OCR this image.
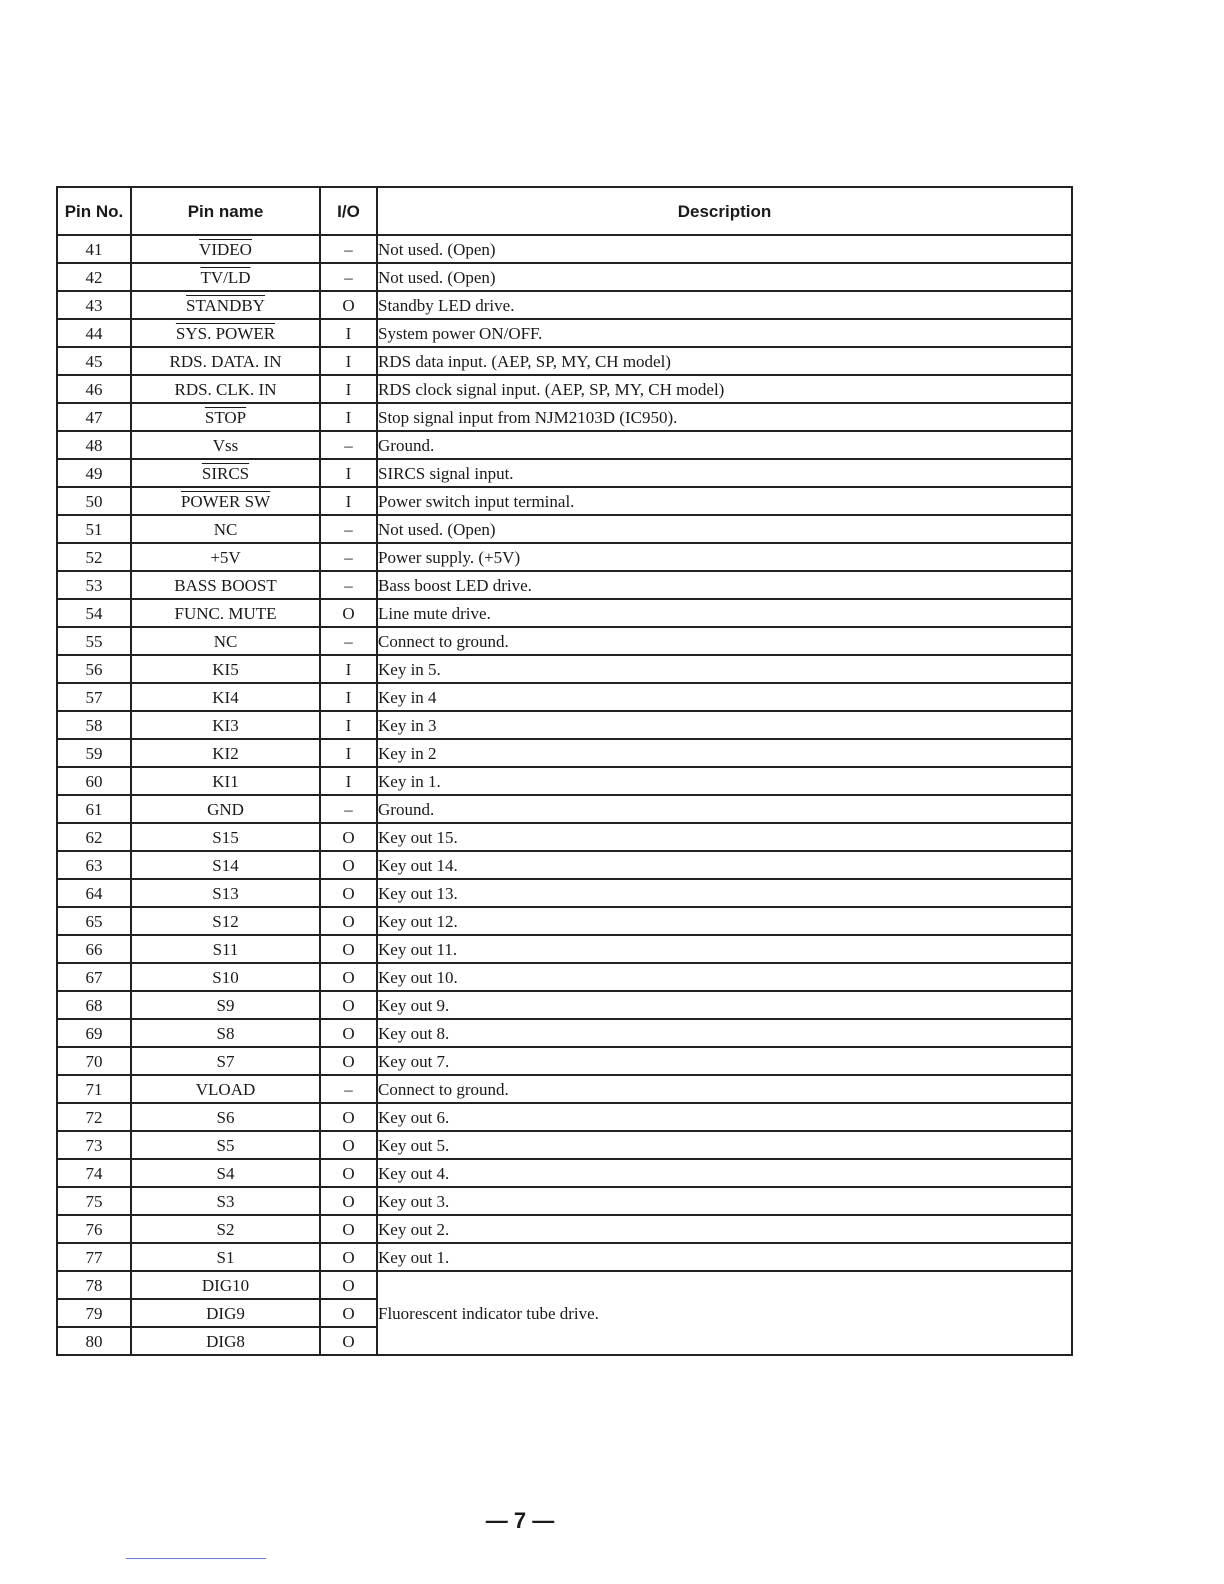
Pin No.	Pin name	I/O	Description
41	VIDEO	–	Not used. (Open)
42	TV/LD	–	Not used. (Open)
43	STANDBY	O	Standby LED drive.
44	SYS. POWER	I	System power ON/OFF.
45	RDS. DATA. IN	I	RDS data input. (AEP, SP, MY, CH model)
46	RDS. CLK. IN	I	RDS clock signal input. (AEP, SP, MY, CH model)
47	STOP	I	Stop signal input from NJM2103D (IC950).
48	Vss	–	Ground.
49	SIRCS	I	SIRCS signal input.
50	POWER SW	I	Power switch input terminal.
51	NC	–	Not used. (Open)
52	+5V	–	Power supply. (+5V)
53	BASS BOOST	–	Bass boost LED drive.
54	FUNC. MUTE	O	Line mute drive.
55	NC	–	Connect to ground.
56	KI5	I	Key in 5.
57	KI4	I	Key in 4
58	KI3	I	Key in 3
59	KI2	I	Key in 2
60	KI1	I	Key in 1.
61	GND	–	Ground.
62	S15	O	Key out 15.
63	S14	O	Key out 14.
64	S13	O	Key out 13.
65	S12	O	Key out 12.
66	S11	O	Key out 11.
67	S10	O	Key out 10.
68	S9	O	Key out 9.
69	S8	O	Key out 8.
70	S7	O	Key out 7.
71	VLOAD	–	Connect to ground.
72	S6	O	Key out 6.
73	S5	O	Key out 5.
74	S4	O	Key out 4.
75	S3	O	Key out 3.
76	S2	O	Key out 2.
77	S1	O	Key out 1.
78	DIG10	O	Fluorescent indicator tube drive.
79	DIG9	O	
80	DIG8	O	
— 7 —
